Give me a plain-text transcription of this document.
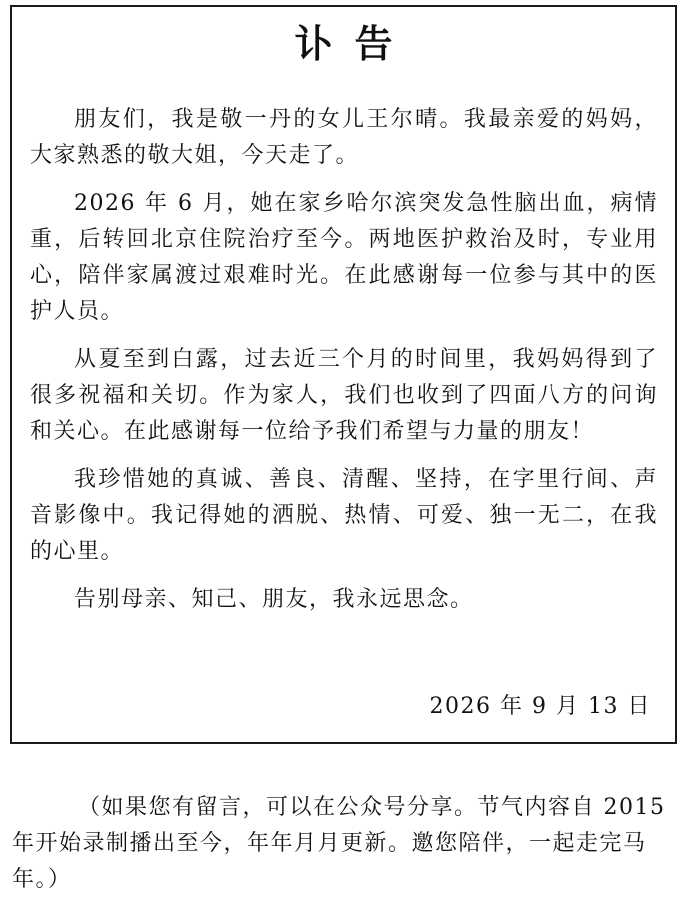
讣告

朋友们，我是敬一丹的女儿王尔晴。我最亲爱的妈妈，大家熟悉的敬大姐，今天走了。

2026 年 6 月，她在家乡哈尔滨突发急性脑出血，病情重，后转回北京住院治疗至今。两地医护救治及时，专业用心，陪伴家属渡过艰难时光。在此感谢每一位参与其中的医护人员。

从夏至到白露，过去近三个月的时间里，我妈妈得到了很多祝福和关切。作为家人，我们也收到了四面八方的问询和关心。在此感谢每一位给予我们希望与力量的朋友！

我珍惜她的真诚、善良、清醒、坚持，在字里行间、声音影像中。我记得她的洒脱、热情、可爱、独一无二，在我的心里。

告别母亲、知己、朋友，我永远思念。

2026 年 9 月 13 日
（如果您有留言，可以在公众号分享。节气内容自 2015 年开始录制播出至今，年年月月更新。邀您陪伴，一起走完马年。）
